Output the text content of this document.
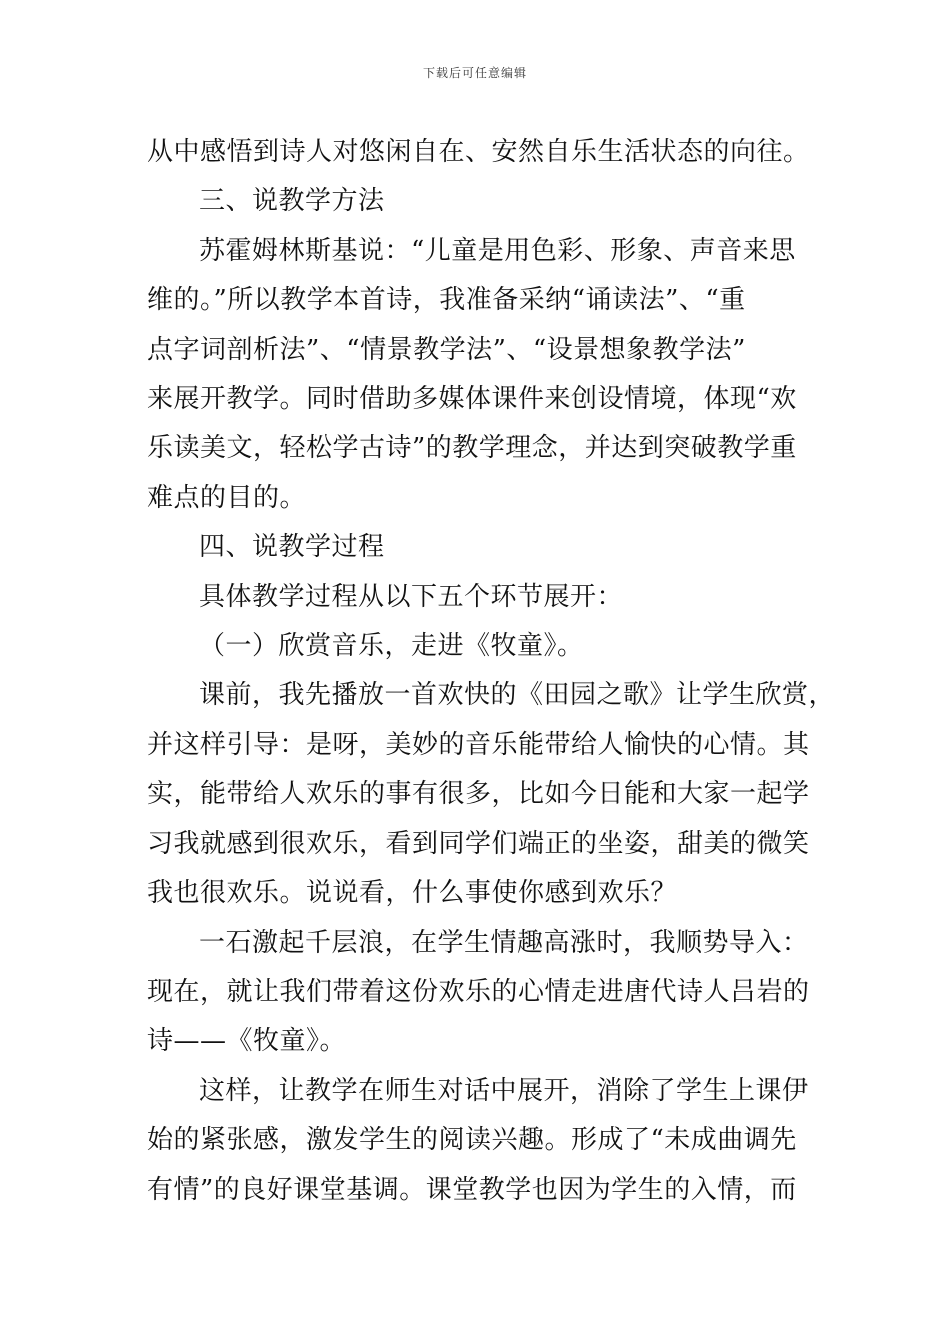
下载后可任意编辑
从中感悟到诗人对悠闲自在、安然自乐生活状态的向往。
三、说教学方法
苏霍姆林斯基说：“儿童是用色彩、形象、声音来思
维的。”所以教学本首诗，我准备采纳“诵读法”、“重
点字词剖析法”、“情景教学法”、“设景想象教学法”
来展开教学。同时借助多媒体课件来创设情境，体现“欢
乐读美文，轻松学古诗”的教学理念，并达到突破教学重
难点的目的。
四、说教学过程
具体教学过程从以下五个环节展开：
（一）欣赏音乐，走进《牧童》。
课前，我先播放一首欢快的《田园之歌》让学生欣赏，
并这样引导：是呀，美妙的音乐能带给人愉快的心情。其
实，能带给人欢乐的事有很多，比如今日能和大家一起学
习我就感到很欢乐，看到同学们端正的坐姿，甜美的微笑
我也很欢乐。说说看，什么事使你感到欢乐？
一石激起千层浪，在学生情趣高涨时，我顺势导入：
现在，就让我们带着这份欢乐的心情走进唐代诗人吕岩的
诗——《牧童》。
这样，让教学在师生对话中展开，消除了学生上课伊
始的紧张感，激发学生的阅读兴趣。形成了“未成曲调先
有情”的良好课堂基调。课堂教学也因为学生的入情，而
